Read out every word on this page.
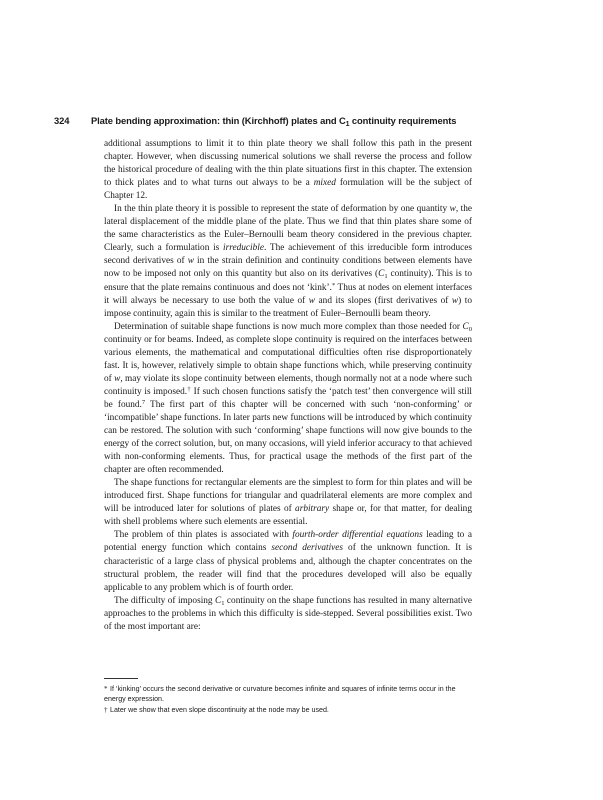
324 Plate bending approximation: thin (Kirchhoff) plates and $C_1$ continuity requirements

additional assumptions to limit it to thin plate theory we shall follow this path in the present chapter. However, when discussing numerical solutions we shall reverse the process and follow the historical procedure of dealing with the thin plate situations first in this chapter. The extension to thick plates and to what turns out always to be a mixed formulation will be the subject of Chapter 12.

In the thin plate theory it is possible to represent the state of deformation by one quantity w, the lateral displacement of the middle plane of the plate. Thus we find that thin plates share some of the same characteristics as the Euler–Bernoulli beam theory considered in the previous chapter. Clearly, such a formulation is irreducible. The achievement of this irreducible form introduces second derivatives of w in the strain definition and continuity conditions between elements have now to be imposed not only on this quantity but also on its derivatives ($C_1$ continuity). This is to ensure that the plate remains continuous and does not ‘kink’.* Thus at nodes on element interfaces it will always be necessary to use both the value of w and its slopes (first derivatives of w) to impose continuity, again this is similar to the treatment of Euler–Bernoulli beam theory.

Determination of suitable shape functions is now much more complex than those needed for $C_0$ continuity or for beams. Indeed, as complete slope continuity is required on the interfaces between various elements, the mathematical and computational difficulties often rise disproportionately fast. It is, however, relatively simple to obtain shape functions which, while preserving continuity of w, may violate its slope continuity between elements, though normally not at a node where such continuity is imposed.† If such chosen functions satisfy the ‘patch test’ then convergence will still be found.$^7$ The first part of this chapter will be concerned with such ‘non-conforming’ or ‘incompatible’ shape functions. In later parts new functions will be introduced by which continuity can be restored. The solution with such ‘conforming’ shape functions will now give bounds to the energy of the correct solution, but, on many occasions, will yield inferior accuracy to that achieved with non-conforming elements. Thus, for practical usage the methods of the first part of the chapter are often recommended.

The shape functions for rectangular elements are the simplest to form for thin plates and will be introduced first. Shape functions for triangular and quadrilateral elements are more complex and will be introduced later for solutions of plates of arbitrary shape or, for that matter, for dealing with shell problems where such elements are essential.

The problem of thin plates is associated with fourth-order differential equations leading to a potential energy function which contains second derivatives of the unknown function. It is characteristic of a large class of physical problems and, although the chapter concentrates on the structural problem, the reader will find that the procedures developed will also be equally applicable to any problem which is of fourth order.

The difficulty of imposing $C_1$ continuity on the shape functions has resulted in many alternative approaches to the problems in which this difficulty is side-stepped. Several possibilities exist. Two of the most important are:

* If ‘kinking’ occurs the second derivative or curvature becomes infinite and squares of infinite terms occur in the energy expression.

† Later we show that even slope discontinuity at the node may be used.
